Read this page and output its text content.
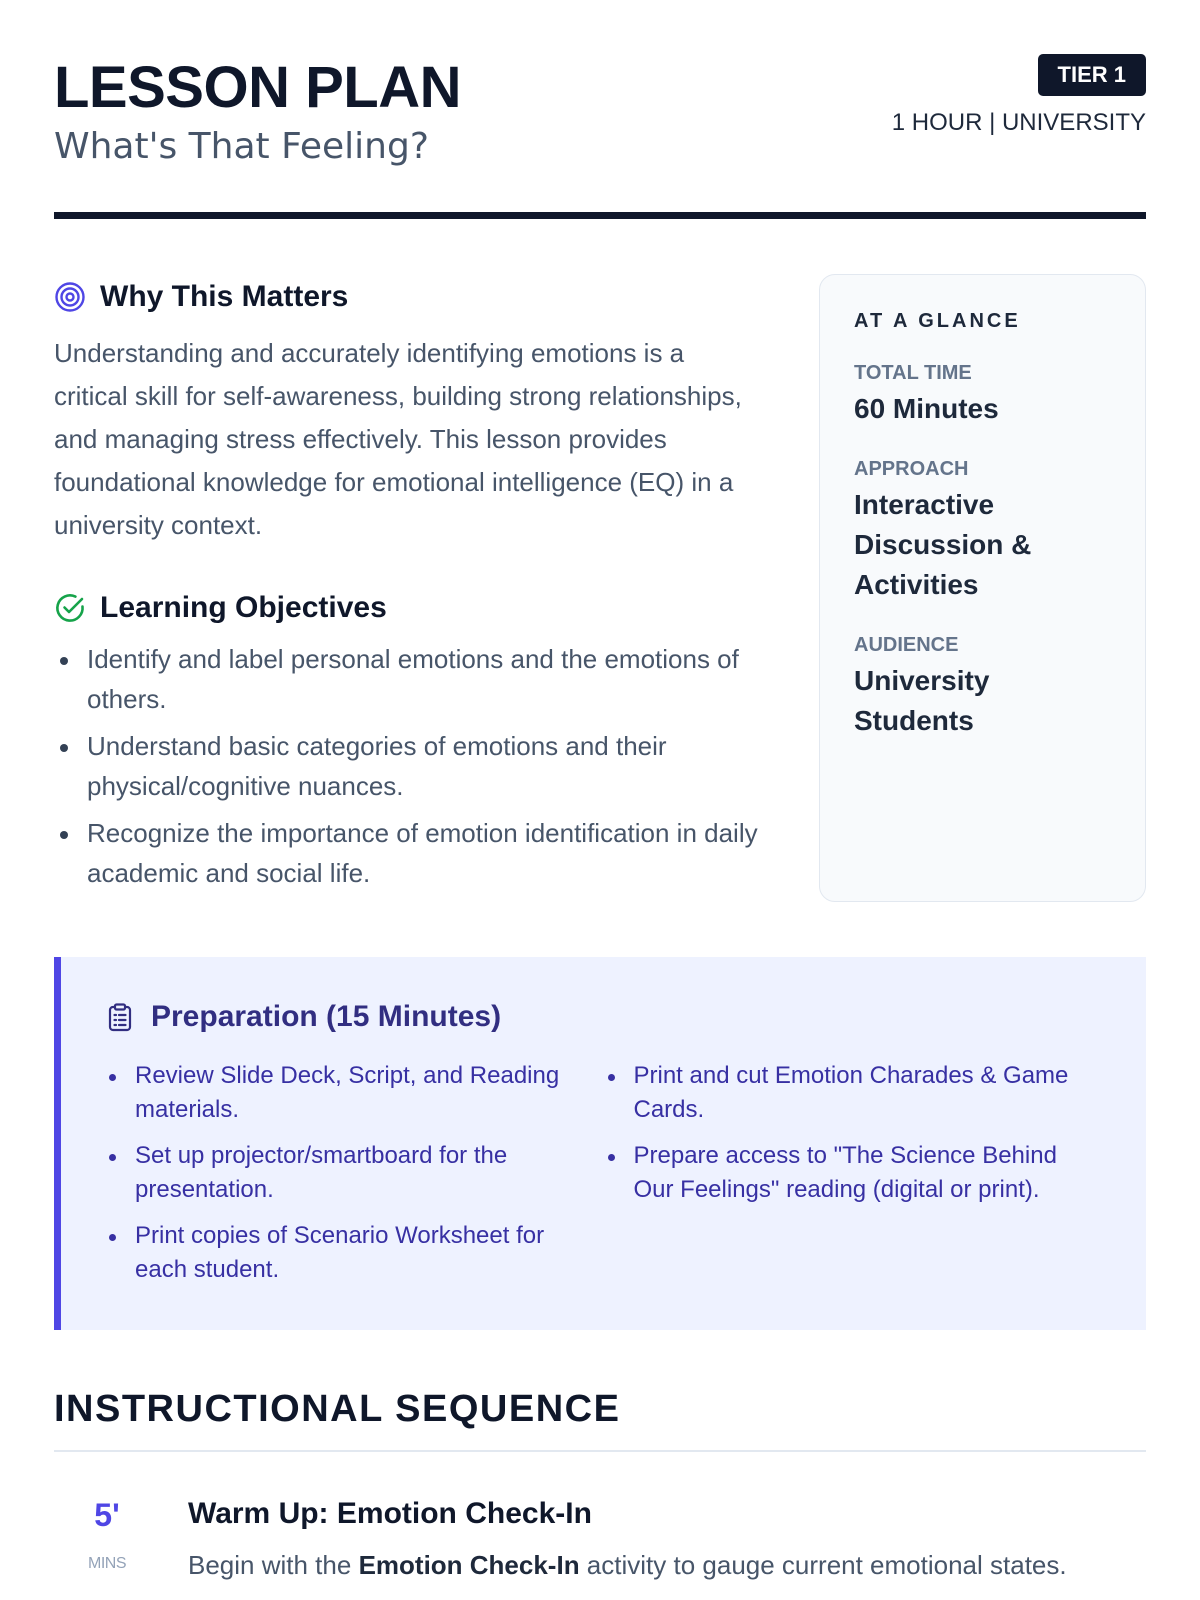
LESSON PLAN
What's That Feeling?
TIER 1
1 HOUR | UNIVERSITY
Why This Matters

Understanding and accurately identifying emotions is a critical skill for self-awareness, building strong relationships, and managing stress effectively. This lesson provides foundational knowledge for emotional intelligence (EQ) in a university context.

Learning Objectives
Identify and label personal emotions and the emotions of others.
Understand basic categories of emotions and their physical/cognitive nuances.
Recognize the importance of emotion identification in daily academic and social life.
AT A GLANCE
TOTAL TIME
60 Minutes
APPROACH
Interactive Discussion & Activities
AUDIENCE
University Students
Preparation (15 Minutes)
Review Slide Deck, Script, and Reading materials.
Set up projector/smartboard for the presentation.
Print copies of Scenario Worksheet for each student.
Print and cut Emotion Charades & Game Cards.
Prepare access to "The Science Behind Our Feelings" reading (digital or print).
INSTRUCTIONAL SEQUENCE
5'
MINS
Warm Up: Emotion Check-In

Begin with the Emotion Check-In activity to gauge current emotional states.
